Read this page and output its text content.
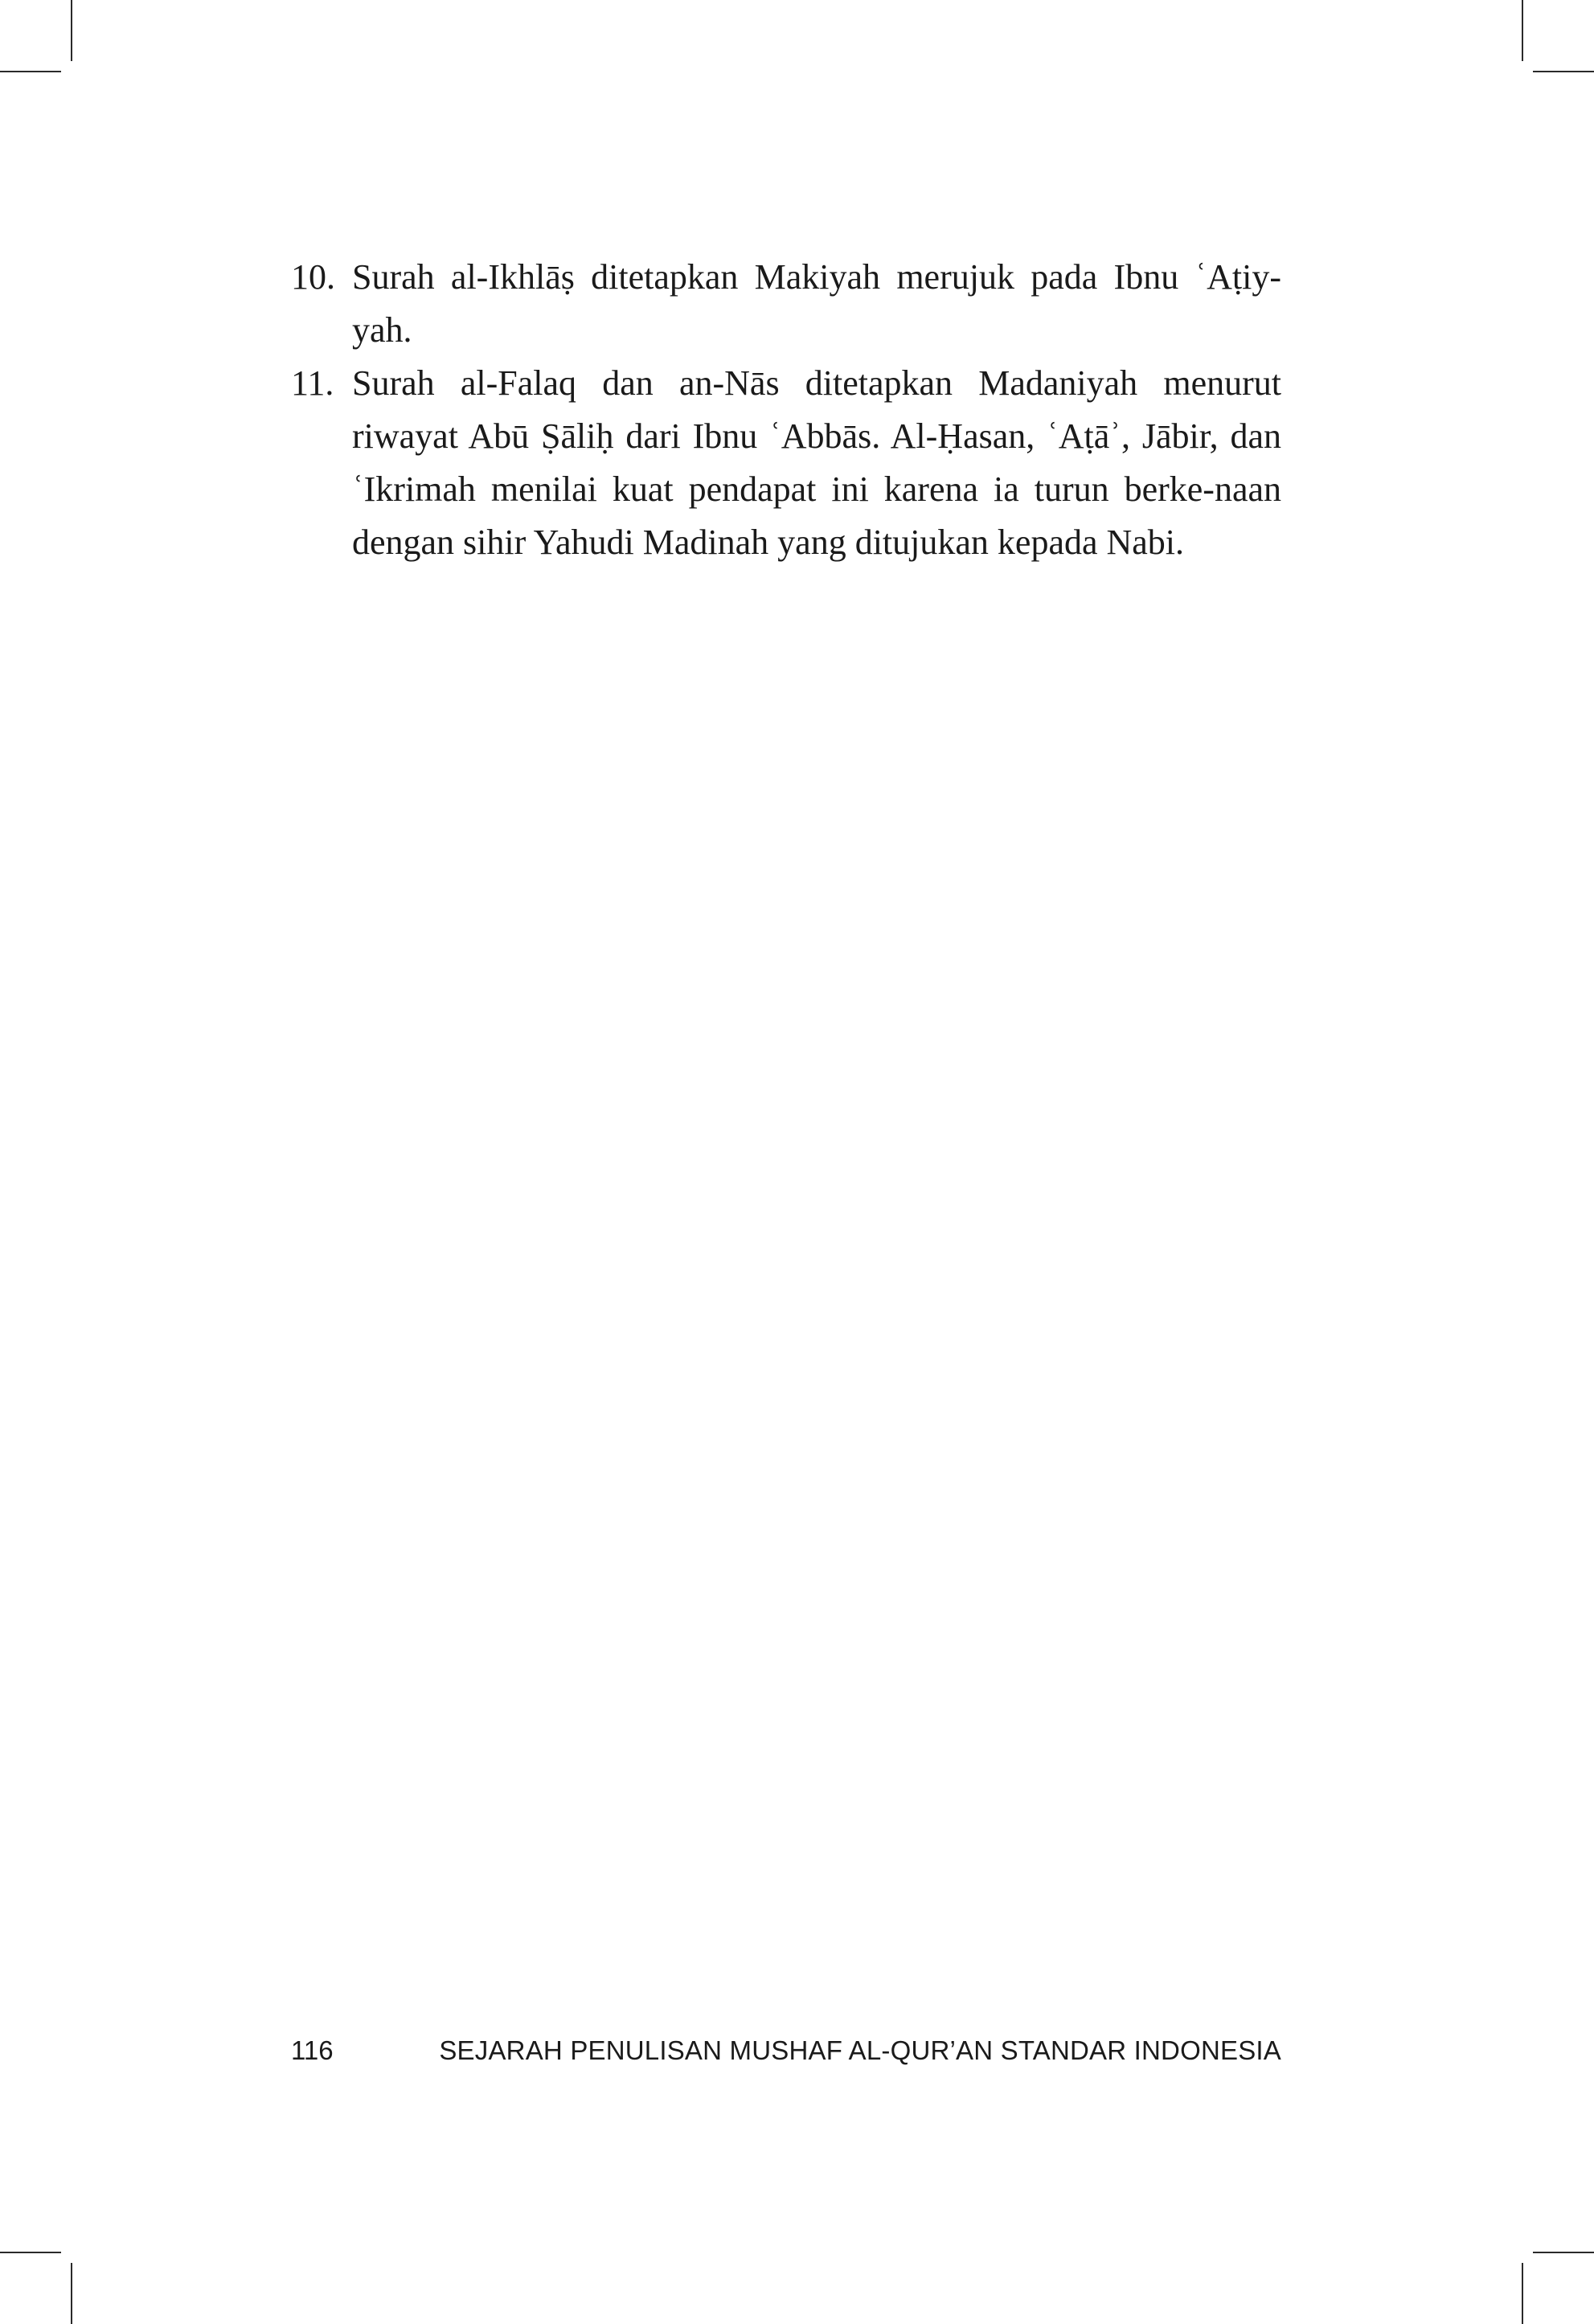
10. Surah al-Ikhlāṣ ditetapkan Makiyah merujuk pada Ibnu ʿAṭiy-yah.
11. Surah al-Falaq dan an-Nās ditetapkan Madaniyah menurut riwayat Abū Ṣāliḥ dari Ibnu ʿAbbās. Al-Ḥasan, ʿAṭāʾ, Jābir, dan ʿIkrimah menilai kuat pendapat ini karena ia turun berke-naan dengan sihir Yahudi Madinah yang ditujukan kepada Nabi.
116	SEJARAH PENULISAN MUSHAF AL-QUR’AN STANDAR INDONESIA
